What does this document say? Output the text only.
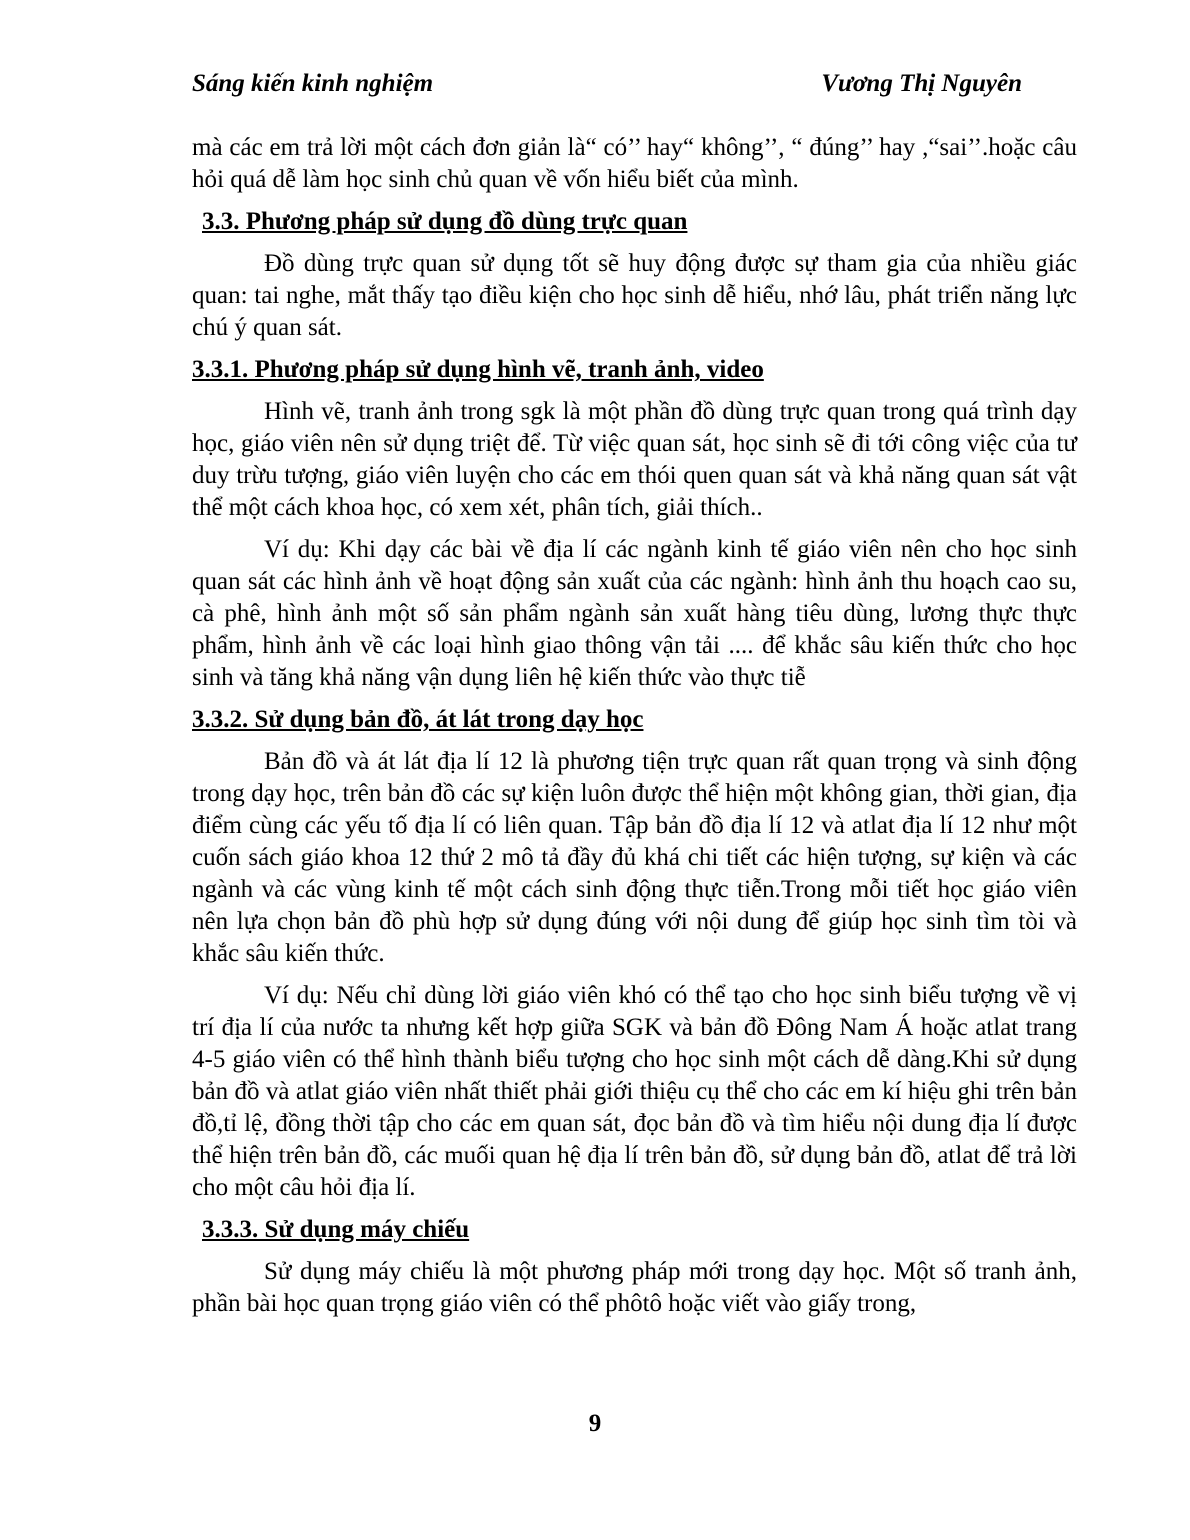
Sáng kiến kinh nghiệm	Vương Thị Nguyên

mà các em trả lời một cách đơn giản là“ có’’ hay“ không’’, “ đúng’’ hay ,“sai’’.hoặc câu hỏi quá dễ làm học sinh chủ quan về vốn hiểu biết của mình.

3.3. Phương pháp sử dụng đồ dùng trực quan

Đồ dùng trực quan sử dụng tốt sẽ huy động được sự tham gia của nhiều giác quan: tai nghe, mắt thấy tạo điều kiện cho học sinh dễ hiểu, nhớ lâu, phát triển năng lực chú ý quan sát.

3.3.1. Phương pháp sử dụng hình vẽ, tranh ảnh, video

Hình vẽ, tranh ảnh trong sgk là một phần đồ dùng trực quan trong quá trình dạy học, giáo viên nên sử dụng triệt để. Từ việc quan sát, học sinh sẽ đi tới công việc của tư duy trừu tượng, giáo viên luyện cho các em thói quen quan sát và khả năng quan sát vật thể một cách khoa học, có xem xét, phân tích, giải thích..

Ví dụ: Khi dạy các bài về địa lí các ngành kinh tế giáo viên nên cho học sinh quan sát các hình ảnh về hoạt động sản xuất của các ngành: hình ảnh thu hoạch cao su, cà phê, hình ảnh một số sản phẩm ngành sản xuất hàng tiêu dùng, lương thực thực phẩm, hình ảnh về các loại hình giao thông vận tải .... để khắc sâu kiến thức cho học sinh và tăng khả năng vận dụng liên hệ kiến thức vào thực tiễ

3.3.2. Sử dụng bản đồ, át lát trong dạy học

Bản đồ và át lát địa lí 12 là phương tiện trực quan rất quan trọng và sinh động trong dạy học, trên bản đồ các sự kiện luôn được thể hiện một không gian, thời gian, địa điểm cùng các yếu tố địa lí có liên quan. Tập bản đồ địa lí 12 và atlat địa lí 12 như một cuốn sách giáo khoa 12 thứ 2 mô tả đầy đủ khá chi tiết các hiện tượng, sự kiện và các ngành và các vùng kinh tế một cách sinh động thực tiễn.Trong mỗi tiết học giáo viên nên lựa chọn bản đồ phù hợp sử dụng đúng với nội dung để giúp học sinh tìm tòi và khắc sâu kiến thức.

Ví dụ: Nếu chỉ dùng lời giáo viên khó có thể tạo cho học sinh biểu tượng về vị trí địa lí của nước ta nhưng kết hợp giữa SGK và bản đồ Đông Nam Á hoặc atlat trang 4-5 giáo viên có thể hình thành biểu tượng cho học sinh một cách dễ dàng.Khi sử dụng bản đồ và atlat giáo viên nhất thiết phải giới thiệu cụ thể cho các em kí hiệu ghi trên bản đồ,tỉ lệ, đồng thời tập cho các em quan sát, đọc bản đồ và tìm hiểu nội dung địa lí được thể hiện trên bản đồ, các muối quan hệ địa lí trên bản đồ, sử dụng bản đồ, atlat để trả lời cho một câu hỏi địa lí.

3.3.3. Sử dụng máy chiếu

Sử dụng máy chiếu là một phương pháp mới trong dạy học. Một số tranh ảnh, phần bài học quan trọng giáo viên có thể phôtô hoặc viết vào giấy trong,

9
